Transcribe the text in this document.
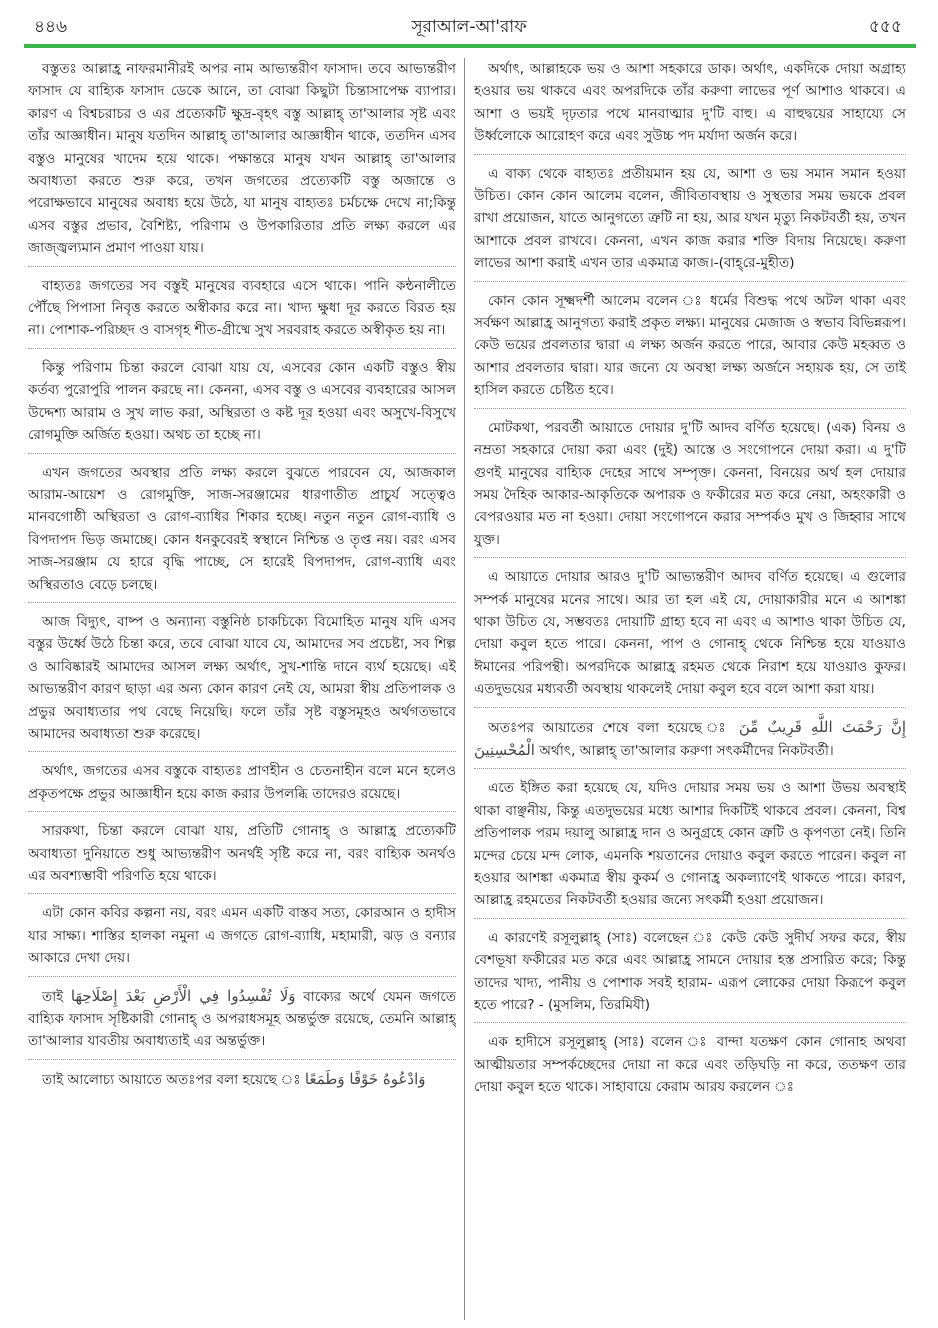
৪৪৬	সূরাআল-আ'রাফ	৫৫৫

বস্তুতঃ আল্লাহ্র নাফরমানীরই অপর নাম আভ্যন্তরীণ ফাসাদ। তবে আভ্যন্তরীণ ফাসাদ যে বাহ্যিক ফাসাদ ডেকে আনে, তা বোঝা কিছুটা চিন্তাসাপেক্ষ ব্যাপার। কারণ এ বিশ্বচরাচর ও এর প্রত্যেকটি ক্ষুদ্র-বৃহৎ বস্তু আল্লাহ্ তা'আলার সৃষ্ট এবং তাঁর আজ্ঞাধীন। মানুষ যতদিন আল্লাহ্ তা'আলার আজ্ঞাধীন থাকে, ততদিন এসব বস্তুও মানুষের খাদেম হয়ে থাকে। পক্ষান্তরে মানুষ যখন আল্লাহ্ তা'আলার অবাধ্যতা করতে শুরু করে, তখন জগতের প্রত্যেকটি বস্তু অজান্তে ও পরোক্ষভাবে মানুষের অবাধ্য হয়ে উঠে, যা মানুষ বাহ্যতঃ চর্মচক্ষে দেখে না;কিন্তু এসব বস্তুর প্রভাব, বৈশিষ্ট্য, পরিণাম ও উপকারিতার প্রতি লক্ষ্য করলে এর জাজ্জ্বল্যমান প্রমাণ পাওয়া যায়।

বাহ্যতঃ জগতের সব বস্তুই মানুষের ব্যবহারে এসে থাকে। পানি কন্ঠনালীতে পৌঁছে পিপাসা নিবৃত্ত করতে অস্বীকার করে না। খাদ্য ক্ষুধা দূর করতে বিরত হয় না। পোশাক-পরিচ্ছদ ও বাসগৃহ শীত-গ্রীষ্মে সুখ সরবরাহ করতে অস্বীকৃত হয় না।

কিন্তু পরিণাম চিন্তা করলে বোঝা যায় যে, এসবের কোন একটি বস্তুও স্বীয় কর্তব্য পুরোপুরি পালন করছে না। কেননা, এসব বস্তু ও এসবের ব্যবহারের আসল উদ্দেশ্য আরাম ও সুখ লাভ করা, অস্থিরতা ও কষ্ট দূর হওয়া এবং অসুখে-বিসুখে রোগমুক্তি অর্জিত হওয়া। অথচ তা হচ্ছে না।

এখন জগতের অবস্থার প্রতি লক্ষ্য করলে বুঝতে পারবেন যে, আজকাল আরাম-আয়েশ ও রোগমুক্তি, সাজ-সরঞ্জামের ধারণাতীত প্রাচুর্য সত্ত্বেও মানবগোষ্ঠী অস্থিরতা ও রোগ-ব্যাধির শিকার হচ্ছে। নতুন নতুন রোগ-ব্যাধি ও বিপদাপদ ভিড় জমাচ্ছে। কোন ধনকুবেরই স্বস্থানে নিশ্চিন্ত ও তৃপ্ত নয়। বরং এসব সাজ-সরঞ্জাম যে হারে বৃদ্ধি পাচ্ছে, সে হারেই বিপদাপদ, রোগ-ব্যাধি এবং অস্থিরতাও বেড়ে চলছে।

আজ বিদ্যুৎ, বাষ্প ও অন্যান্য বস্তুনিষ্ঠ চাকচিক্যে বিমোহিত মানুষ যদি এসব বস্তুর উর্ধ্বে উঠে চিন্তা করে, তবে বোঝা যাবে যে, আমাদের সব প্রচেষ্টা, সব শিল্প ও আবিষ্কারই আমাদের আসল লক্ষ্য অর্থাৎ, সুখ-শান্তি দানে ব্যর্থ হয়েছে। এই আভ্যন্তরীণ কারণ ছাড়া এর অন্য কোন কারণ নেই যে, আমরা স্বীয় প্রতিপালক ও প্রভুর অবাধ্যতার পথ বেছে নিয়েছি। ফলে তাঁর সৃষ্ট বস্তুসমূহও অর্থগতভাবে আমাদের অবাধ্যতা শুরু করেছে।

অর্থাৎ, জগতের এসব বস্তুকে বাহ্যতঃ প্রাণহীন ও চেতনাহীন বলে মনে হলেও প্রকৃতপক্ষে প্রভুর আজ্ঞাধীন হয়ে কাজ করার উপলব্ধি তাদেরও রয়েছে।

সারকথা, চিন্তা করলে বোঝা যায়, প্রতিটি গোনাহ্ ও আল্লাহ্র প্রত্যেকটি অবাধ্যতা দুনিয়াতে শুধু আভ্যন্তরীণ অনর্থই সৃষ্টি করে না, বরং বাহ্যিক অনর্থও এর অবশ্যম্ভাবী পরিণতি হয়ে থাকে।

এটা কোন কবির কল্পনা নয়, বরং এমন একটি বাস্তব সত্য, কোরআন ও হাদীস যার সাক্ষ্য। শাস্তির হালকা নমুনা এ জগতে রোগ-ব্যাধি, মহামারী, ঝড় ও বন্যার আকারে দেখা দেয়।

তাই وَلَا تُفْسِدُوا فِي الْأَرْضِ بَعْدَ إِصْلَاحِهَا বাক্যের অর্থে যেমন জগতে বাহ্যিক ফাসাদ সৃষ্টিকারী গোনাহ্ ও অপরাধসমূহ অন্তর্ভুক্ত রয়েছে, তেমনি আল্লাহ্ তা'আলার যাবতীয় অবাধ্যতাই এর অন্তর্ভুক্ত।

তাই আলোচ্য আয়াতে অতঃপর বলা হয়েছে ঃ وَادْعُوهُ خَوْفًا وَطَمَعًا

অর্থাৎ, আল্লাহকে ভয় ও আশা সহকারে ডাক। অর্থাৎ, একদিকে দোয়া অগ্রাহ্য হওয়ার ভয় থাকবে এবং অপরদিকে তাঁর করুণা লাভের পূর্ণ আশাও থাকবে। এ আশা ও ভয়ই দৃঢ়তার পথে মানবাত্মার দু'টি বাহু। এ বাহুদ্বয়ের সাহায্যে সে উর্ধ্বলোকে আরোহণ করে এবং সুউচ্চ পদ মর্যাদা অর্জন করে।

এ বাক্য থেকে বাহ্যতঃ প্রতীয়মান হয় যে, আশা ও ভয় সমান সমান হওয়া উচিত। কোন কোন আলেম বলেন, জীবিতাবস্থায় ও সুস্থতার সময় ভয়কে প্রবল রাখা প্রয়োজন, যাতে আনুগত্যে ত্রুটি না হয়, আর যখন মৃত্যু নিকটবর্তী হয়, তখন আশাকে প্রবল রাখবে। কেননা, এখন কাজ করার শক্তি বিদায় নিয়েছে। করুণা লাভের আশা করাই এখন তার একমাত্র কাজ।-(বাহ্‌রে-মুহীত)

কোন কোন সূক্ষ্মদর্শী আলেম বলেন ঃ ধর্মের বিশুদ্ধ পথে অটল থাকা এবং সর্বক্ষণ আল্লাহ্র আনুগত্য করাই প্রকৃত লক্ষ্য। মানুষের মেজাজ ও স্বভাব বিভিন্নরূপ। কেউ ভয়ের প্রবলতার দ্বারা এ লক্ষ্য অর্জন করতে পারে, আবার কেউ মহব্বত ও আশার প্রবলতার দ্বারা। যার জন্যে যে অবস্থা লক্ষ্য অর্জনে সহায়ক হয়, সে তাই হাসিল করতে চেষ্টিত হবে।

মোটকথা, পরবর্তী আয়াতে দোয়ার দু'টি আদব বর্ণিত হয়েছে। (এক) বিনয় ও নম্রতা সহকারে দোয়া করা এবং (দুই) আস্তে ও সংগোপনে দোয়া করা। এ দু'টি গুণই মানুষের বাহ্যিক দেহের সাথে সম্পৃক্ত। কেননা, বিনয়ের অর্থ হল দোয়ার সময় দৈহিক আকার-আকৃতিকে অপারক ও ফকীরের মত করে নেয়া, অহংকারী ও বেপরওয়ার মত না হওয়া। দোয়া সংগোপনে করার সম্পর্কও মুখ ও জিহ্বার সাথে যুক্ত।

এ আয়াতে দোয়ার আরও দু'টি আভ্যন্তরীণ আদব বর্ণিত হয়েছে। এ গুলোর সম্পর্ক মানুষের মনের সাথে। আর তা হল এই যে, দোয়াকারীর মনে এ আশঙ্কা থাকা উচিত যে, সম্ভবতঃ দোয়াটি গ্রাহ্য হবে না এবং এ আশাও থাকা উচিত যে, দোয়া কবুল হতে পারে। কেননা, পাপ ও গোনাহ্ থেকে নিশ্চিন্ত হয়ে যাওয়াও ঈমানের পরিপন্থী। অপরদিকে আল্লাহ্র রহমত থেকে নিরাশ হয়ে যাওয়াও কুফর। এতদুভয়ের মধ্যবর্তী অবস্থায় থাকলেই দোয়া কবুল হবে বলে আশা করা যায়।

অতঃপর আয়াতের শেষে বলা হয়েছে ঃ إِنَّ رَحْمَتَ اللَّهِ قَرِيبٌ مِّنَ الْمُحْسِنِينَ অর্থাৎ, আল্লাহ্ তা'আলার করুণা সৎকর্মীদের নিকটবর্তী।

এতে ইঙ্গিত করা হয়েছে যে, যদিও দোয়ার সময় ভয় ও আশা উভয় অবস্থাই থাকা বাঞ্ছনীয়, কিন্তু এতদুভয়ের মধ্যে আশার দিকটিই থাকবে প্রবল। কেননা, বিশ্ব প্রতিপালক পরম দয়ালু আল্লাহ্র দান ও অনুগ্রহে কোন ত্রুটি ও কৃপণতা নেই। তিনি মন্দের চেয়ে মন্দ লোক, এমনকি শয়তানের দোয়াও কবুল করতে পারেন। কবুল না হওয়ার আশঙ্কা একমাত্র স্বীয় কুকর্ম ও গোনাহ্র অকল্যাণেই থাকতে পারে। কারণ, আল্লাহ্র রহমতের নিকটবর্তী হওয়ার জন্যে সৎকর্মী হওয়া প্রয়োজন।

এ কারণেই রসূলুল্লাহ্ (সাঃ) বলেছেন ঃ কেউ কেউ সুদীর্ঘ সফর করে, স্বীয় বেশভূষা ফকীরের মত করে এবং আল্লাহ্র সামনে দোয়ার হস্ত প্রসারিত করে; কিন্তু তাদের খাদ্য, পানীয় ও পোশাক সবই হারাম- এরূপ লোকের দোয়া কিরূপে কবুল হতে পারে? - (মুসলিম, তিরমিযী)

এক হাদীসে রসূলুল্লাহ্ (সাঃ) বলেন ঃ বান্দা যতক্ষণ কোন গোনাহ অথবা আত্মীয়তার সম্পর্কচ্ছেদের দোয়া না করে এবং তড়িঘড়ি না করে, ততক্ষণ তার দোয়া কবুল হতে থাকে। সাহাবায়ে কেরাম আরয করলেন ঃ
